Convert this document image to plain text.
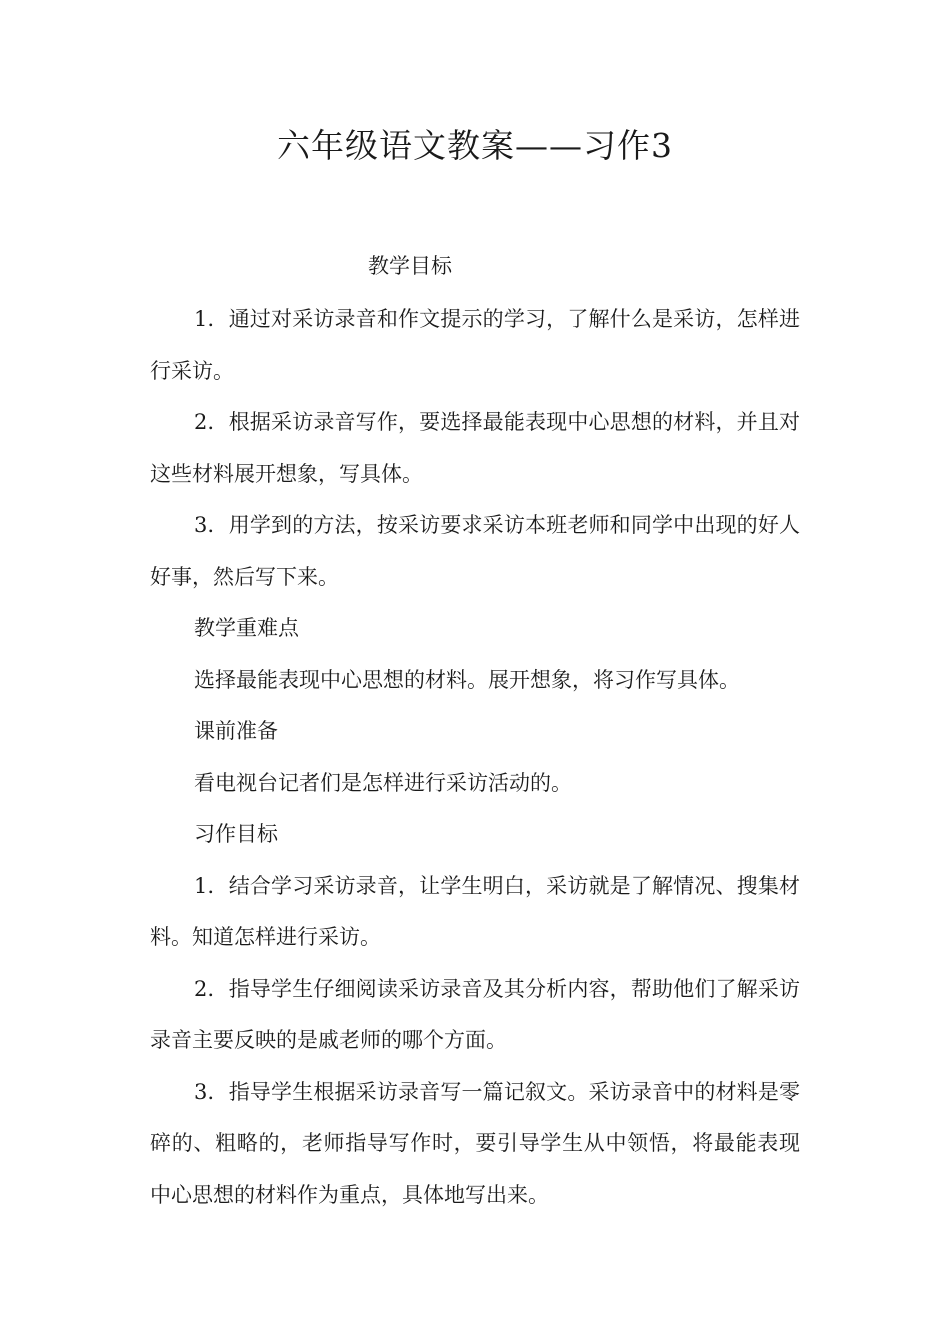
六年级语文教案——习作3
教学目标

1．通过对采访录音和作文提示的学习，了解什么是采访，怎样进行采访。

2．根据采访录音写作，要选择最能表现中心思想的材料，并且对这些材料展开想象，写具体。

3．用学到的方法，按采访要求采访本班老师和同学中出现的好人好事，然后写下来。

教学重难点

选择最能表现中心思想的材料。展开想象，将习作写具体。

课前准备

看电视台记者们是怎样进行采访活动的。

习作目标

1．结合学习采访录音，让学生明白，采访就是了解情况、搜集材料。知道怎样进行采访。

2．指导学生仔细阅读采访录音及其分析内容，帮助他们了解采访录音主要反映的是戚老师的哪个方面。

3．指导学生根据采访录音写一篇记叙文。采访录音中的材料是零碎的、粗略的，老师指导写作时，要引导学生从中领悟，将最能表现中心思想的材料作为重点，具体地写出来。
